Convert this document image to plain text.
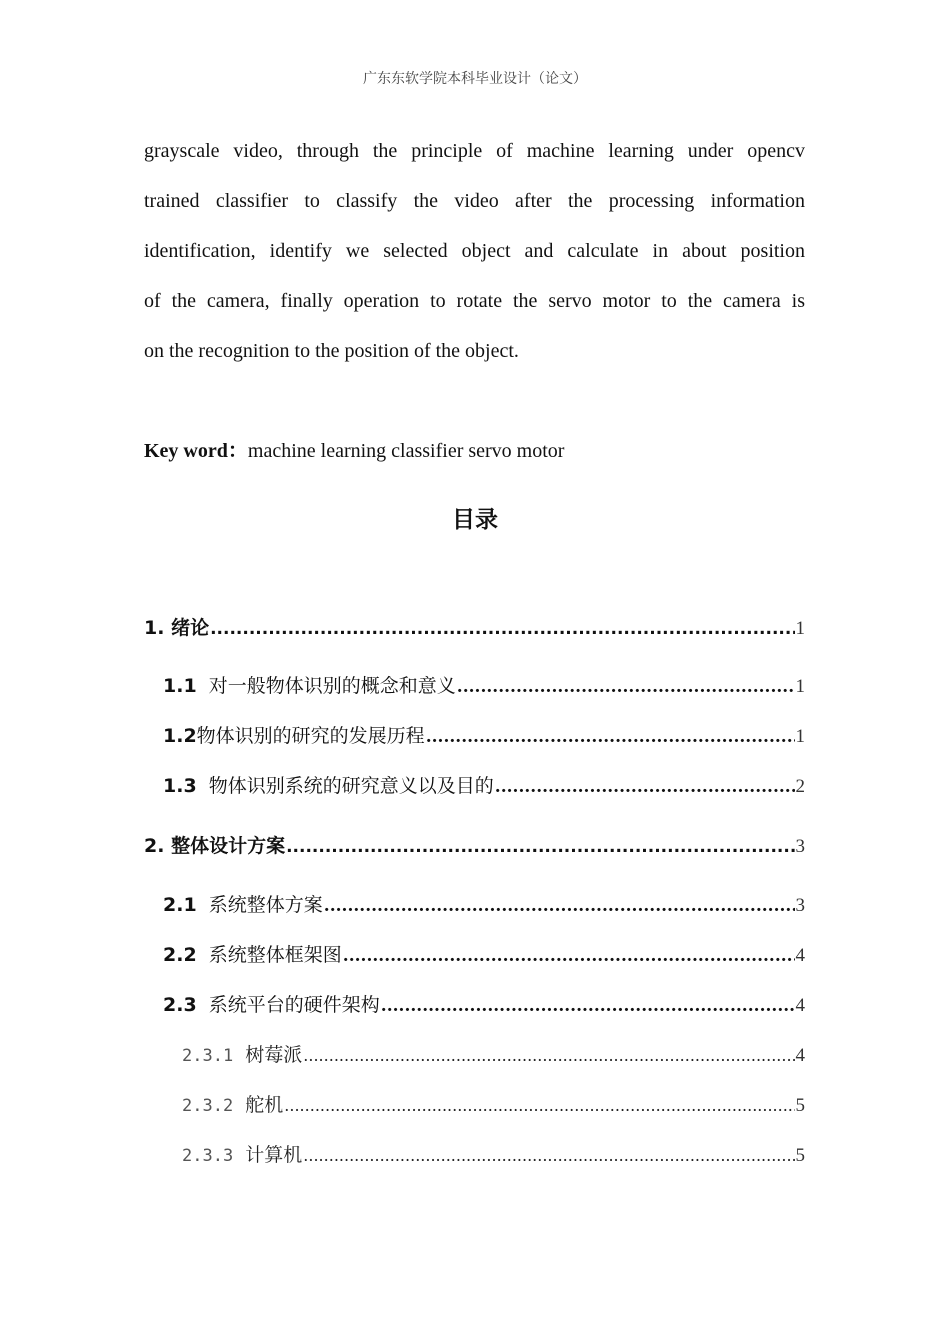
广东东软学院本科毕业设计（论文）
grayscale video, through the principle of machine learning under opencv
trained classifier to classify the video after the processing information
identification, identify we selected object and calculate in about position
of the camera, finally operation to rotate the servo motor to the camera is
on the recognition to the position of the object.
Key word：machine learning classifier servo motor
目录
1. 绪论 .....	1
1.1 对一般物体识别的概念和意义 .....	1
1.2物体识别的研究的发展历程 .....	1
1.3 物体识别系统的研究意义以及目的 .....	2
2. 整体设计方案 .....	3
2.1 系统整体方案 .....	3
2.2 系统整体框架图 .....	4
2.3 系统平台的硬件架构 .....	4
2.3.1 树莓派 .....	4
2.3.2 舵机 .....	5
2.3.3 计算机 .....	5
